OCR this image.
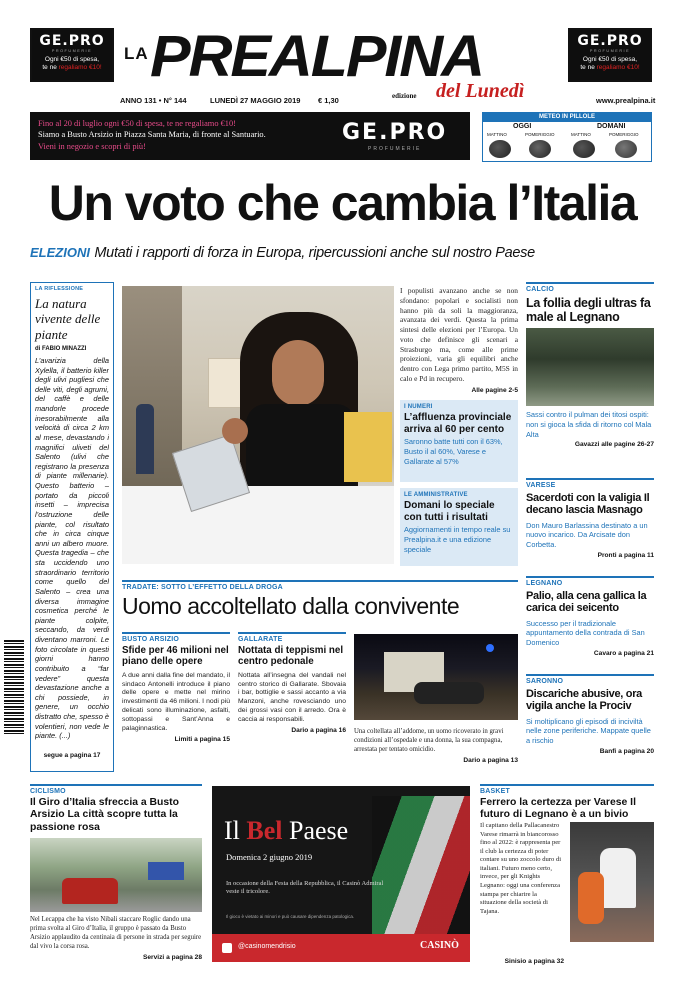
GE.PRO
PROFUMERIE
Ogni €50 di spesa,
te ne regaliamo €10!
GE.PRO
PROFUMERIE
Ogni €50 di spesa,
te ne regaliamo €10!
LA PREALPINA
edizione del Lunedì
ANNO 131 • N° 144	LUNEDÌ 27 MAGGIO 2019 € 1,30	www.prealpina.it
Fino al 20 di luglio ogni €50 di spesa, te ne regaliamo €10!
Siamo a Busto Arsizio in Piazza Santa Maria, di fronte al Santuario.
Vieni in negozio e scopri di più!
GE.PRO
PROFUMERIE
METEO IN PILLOLE
OGGI	DOMANI
MATTINO	POMERIGGIO	MATTINO	POMERIGGIO
Un voto che cambia l’Italia
ELEZIONI Mutati i rapporti di forza in Europa, ripercussioni anche sul nostro Paese
LA RIFLESSIONE
La natura vivente delle piante
di FABIO MINAZZI
L’avarizia della Xylella, il batterio killer degli ulivi pugliesi che delle viti, degli agrumi, del caffè e delle mandorle procede inesorabilmente alla velocità di circa 2 km al mese, devastando i magnifici uliveti del Salento (ulivi che registrano la presenza di piante millenarie). Questo batterio – portato da piccoli insetti – imprecisa l’ostruzione delle piante, col risultato che in circa cinque anni un albero muore. Questa tragedia – che sta uccidendo uno straordinario territorio come quello del Salento – crea una diversa immagine cosmetica perché le piante colpite, seccando, da verdi diventano marroni. Le foto circolate in questi giorni hanno contribuito a “far vedere” questa devastazione anche a chi possiede, in genere, un occhio distratto che, spesso è volentieri, non vede le piante. (...)
segue a pagina 17
I populisti avanzano anche se non sfondano: popolari e socialisti non hanno più da soli la maggioranza, avanzata dei verdi. Questa la prima sintesi delle elezioni per l’Europa. Un voto che definisce gli scenari a Strasburgo ma, come alle prime proiezioni, varia gli equilibri anche dentro con Lega primo partito, M5S in calo e Pd in recupero.
Alle pagine 2-5
I NUMERI
L’affluenza provinciale arriva al 60 per cento
Saronno batte tutti con il 63%, Busto il al 60%, Varese e Gallarate al 57%
LE AMMINISTRATIVE
Domani lo speciale con tutti i risultati
Aggiornamenti in tempo reale su Prealpina.it e una edizione speciale
CALCIO
La follia degli ultras fa male al Legnano
Sassi contro il pulman dei titosi ospiti: non si gioca la sfida di ritorno col Mala Alta
Gavazzi alle pagine 26-27
VARESE
Sacerdoti con la valigia Il decano lascia Masnago
Don Mauro Barlassina destinato a un nuovo incarico. Da Arcisate don Corbetta.
Pronti a pagina 11
LEGNANO
Palio, alla cena gallica la carica dei seicento
Successo per il tradizionale appuntamento della contrada di San Domenico
Cavaro a pagina 21
SARONNO
Discariche abusive, ora vigila anche la Prociv
Si moltiplicano gli episodi di inciviltà nelle zone periferiche. Mappate quelle a rischio
Banfi a pagina 20
TRADATE: SOTTO L’EFFETTO DELLA DROGA
Uomo accoltellato dalla convivente
BUSTO ARSIZIO
Sfide per 46 milioni nel piano delle opere
A due anni dalla fine del mandato, il sindaco Antonelli introduce il piano delle opere e mette nel mirino investimenti da 46 milioni. I nodi più delicati sono illuminazione, asfalti, sottopassi e Sant’Anna e palaginnastica.
Limiti a pagina 15
GALLARATE
Nottata di teppismi nel centro pedonale
Nottata all’insegna del vandali nel centro storico di Gallarate. Sbovaia i bar, bottiglie e sassi accanto a via Manzoni, anche rovesciando uno dei grossi vasi con il arredo. Ora è caccia ai responsabili.
Dario a pagina 16 Una coltellata all’addome, un uomo ricoverato in gravi condizioni all’ospedale e una donna, la sua compagna, arrestata per tentato omicidio.
Dario a pagina 13
CICLISMO
Il Giro d’Italia sfreccia a Busto Arsizio La città scopre tutta la passione rosa
Nel Lecappa che ha visto Nibali staccare Roglic dando una prima svolta al Giro d’Italia, il gruppo è passato da Busto Arsizio applaudito da centinaia di persone in strada per seguire dal vivo la corsa rosa.
Servizi a pagina 28
Il Bel Paese
Domenica 2 giugno 2019
In occasione della Festa della Repubblica, il Casinò Admiral veste il tricolore.
Il gioco è vietato ai minori e può causare dipendenza patologica.
@casinomendrisio	CASINÒ
BASKET
Ferrero la certezza per Varese Il futuro di Legnano è a un bivio
Il capitano della Pallacanestro Varese rimarrà in biancorosso fino al 2022: è rappresenta per il club la certezza di poter contare su uno zoccolo duro di italiani. Futuro meno certo, invece, per gli Knights Legnano: oggi una conferenza stampa per chiarire la situazione della società di Tajana.
Sinisio a pagina 32
